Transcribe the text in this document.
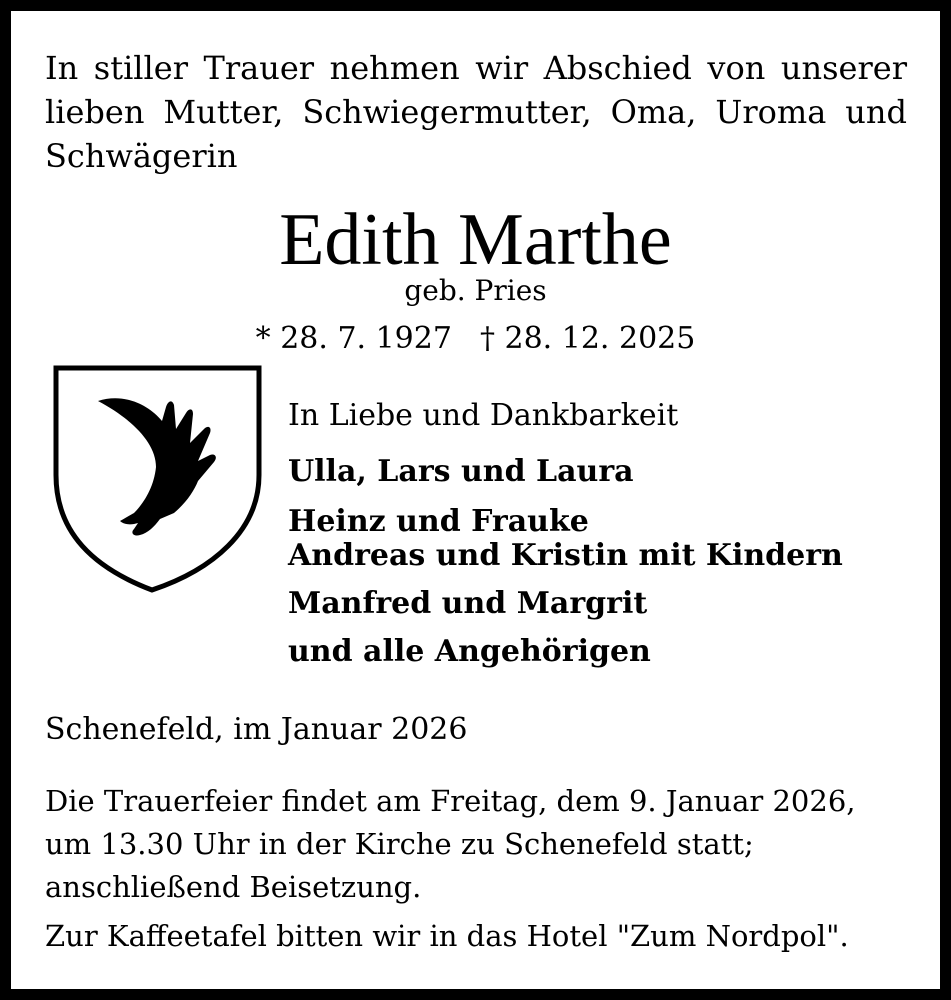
In stiller Trauer nehmen wir Abschied von unserer lieben Mutter, Schwiegermutter, Oma, Uroma und Schwägerin
Edith Marthe
geb. Pries
* 28. 7. 1927 † 28. 12. 2025
In Liebe und Dankbarkeit
Ulla, Lars und Laura
Heinz und Frauke
Andreas und Kristin mit Kindern
Manfred und Margrit
und alle Angehörigen
Schenefeld, im Januar 2026
Die Trauerfeier findet am Freitag, dem 9. Januar 2026, um 13.30 Uhr in der Kirche zu Schenefeld statt; anschließend Beisetzung.
Zur Kaffeetafel bitten wir in das Hotel "Zum Nordpol".
